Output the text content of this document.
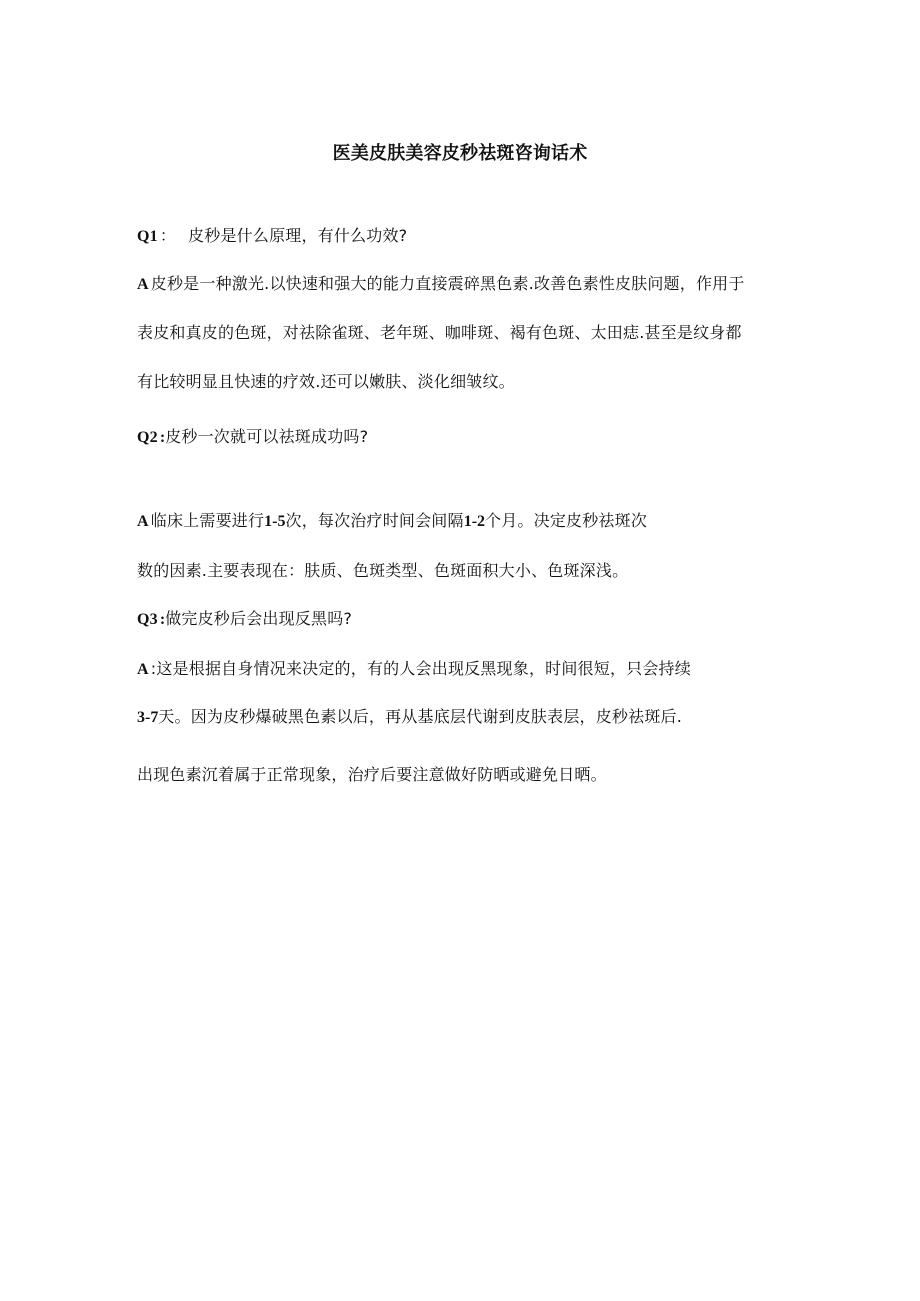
医美皮肤美容皮秒祛斑咨询话术
Q1 ： 皮秒是什么原理，有什么功效?
A 皮秒是一种激光.以快速和强大的能力直接震碎黑色素.改善色素性皮肤问题，作用于
表皮和真皮的色斑，对祛除雀斑、老年斑、咖啡斑、褐有色斑、太田痣.甚至是纹身都
有比较明显且快速的疗效.还可以嫩肤、淡化细皱纹。
Q2 :皮秒一次就可以祛斑成功吗?
A 临床上需要进行1-5次，每次治疗时间会间隔1-2个月。决定皮秒祛斑次
数的因素.主要表现在：肤质、色斑类型、色斑面积大小、色斑深浅。
Q3 :做完皮秒后会出现反黑吗?
A :这是根据自身情况来决定的，有的人会出现反黑现象，时间很短，只会持续
3-7天。因为皮秒爆破黑色素以后，再从基底层代谢到皮肤表层，皮秒祛斑后.
出现色素沉着属于正常现象，治疗后要注意做好防晒或避免日晒。
